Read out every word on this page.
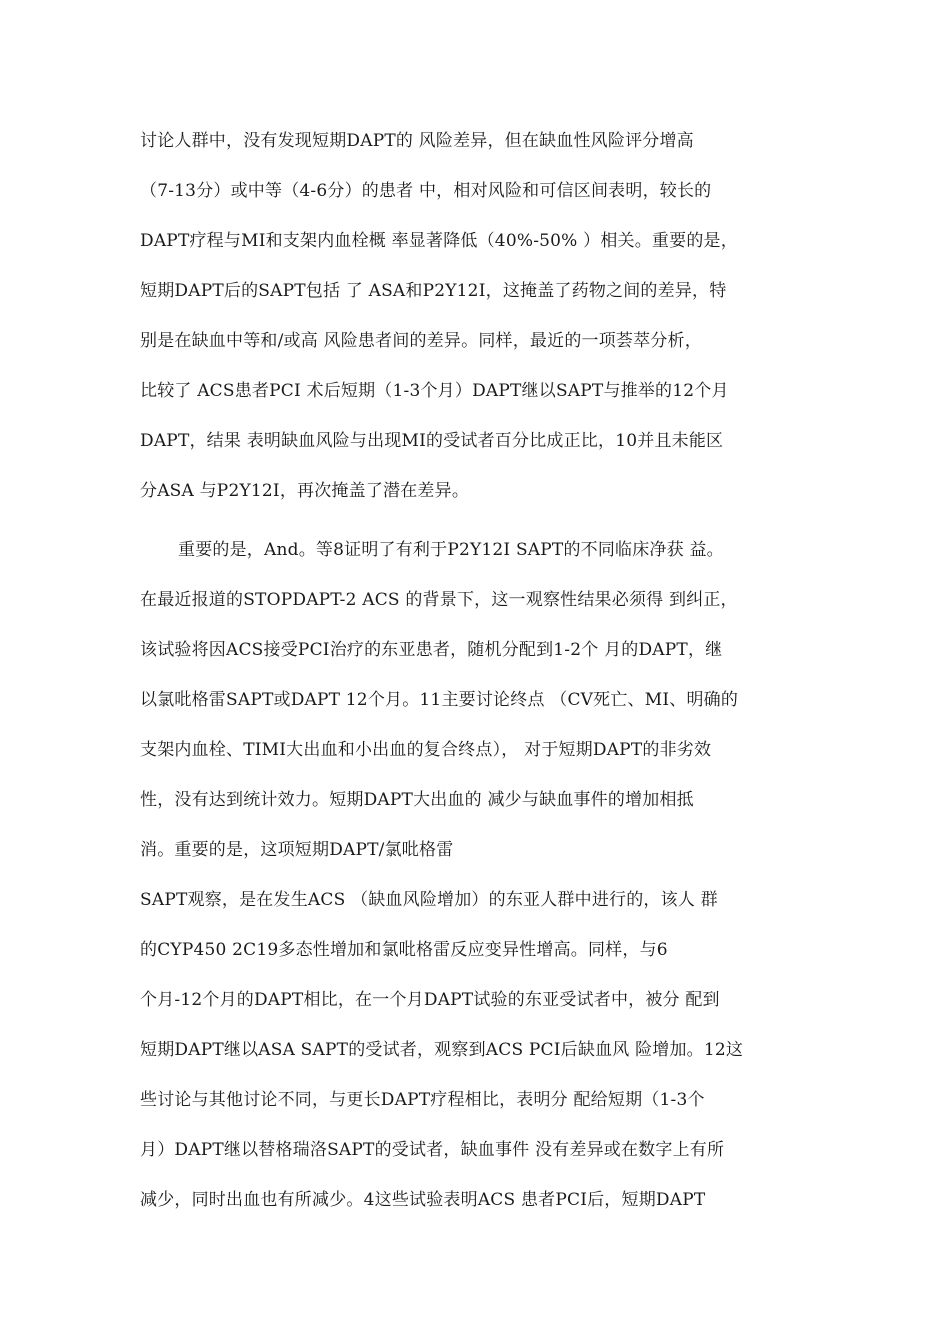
讨论人群中，没有发现短期DAPT的 风险差异，但在缺血性风险评分增高
（7-13分）或中等（4-6分）的患者 中，相对风险和可信区间表明，较长的
DAPT疗程与MI和支架内血栓概 率显著降低（40%-50% ）相关。重要的是，
短期DAPT后的SAPT包括 了 ASA和P2Y12I，这掩盖了药物之间的差异，特
别是在缺血中等和/或高 风险患者间的差异。同样，最近的一项荟萃分析，
比较了 ACS患者PCI 术后短期（1-3个月）DAPT继以SAPT与推举的12个月
DAPT，结果 表明缺血风险与出现MI的受试者百分比成正比，10并且未能区
分ASA 与P2Y12I，再次掩盖了潜在差异。
重要的是，And。等8证明了有利于P2Y12I SAPT的不同临床净获 益。
在最近报道的STOPDAPT-2 ACS 的背景下，这一观察性结果必须得 到纠正，
该试验将因ACS接受PCI治疗的东亚患者，随机分配到1-2个 月的DAPT，继
以氯吡格雷SAPT或DAPT 12个月。11主要讨论终点 （CV死亡、MI、明确的
支架内血栓、TIMI大出血和小出血的复合终点）， 对于短期DAPT的非劣效
性，没有达到统计效力。短期DAPT大出血的 减少与缺血事件的增加相抵
消。重要的是，这项短期DAPT/氯吡格雷
SAPT观察，是在发生ACS （缺血风险增加）的东亚人群中进行的，该人 群
的CYP450 2C19多态性增加和氯吡格雷反应变异性增高。同样，与6
个月-12个月的DAPT相比，在一个月DAPT试验的东亚受试者中，被分 配到
短期DAPT继以ASA SAPT的受试者，观察到ACS PCI后缺血风 险增加。12这
些讨论与其他讨论不同，与更长DAPT疗程相比，表明分 配给短期（1-3个
月）DAPT继以替格瑞洛SAPT的受试者，缺血事件 没有差异或在数字上有所
减少，同时出血也有所减少。4这些试验表明ACS 患者PCI后，短期DAPT
